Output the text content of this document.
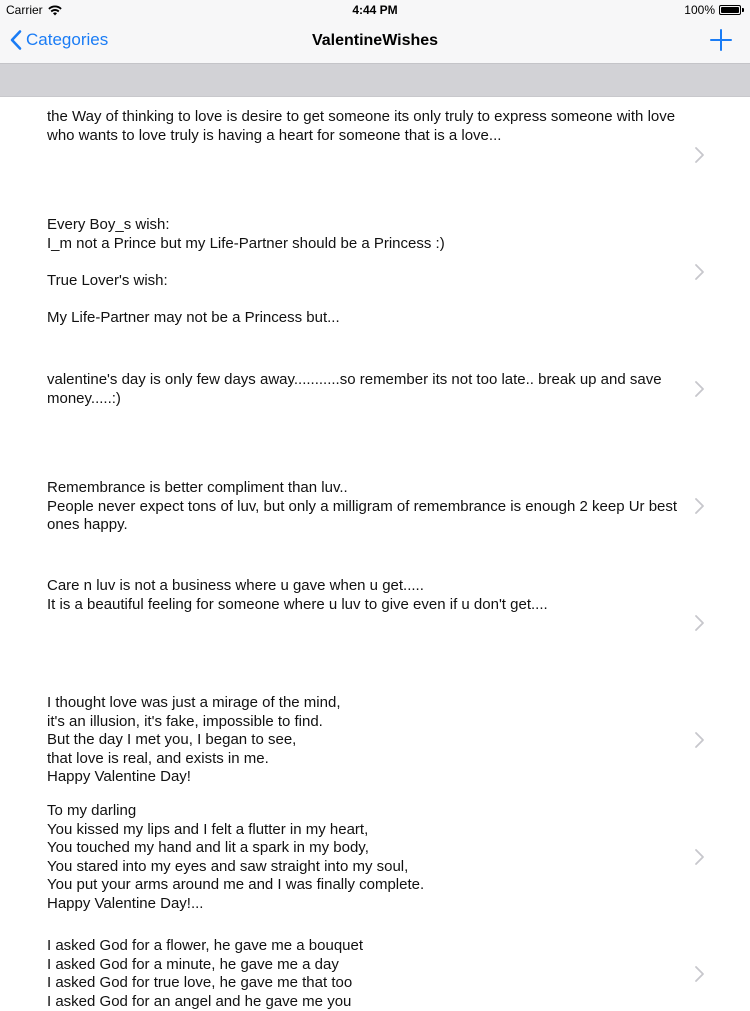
Carrier	4:44 PM	100%
Categories	ValentineWishes
the Way of thinking to love is desire to get someone its only truly to express someone with love who wants to love truly is having a heart for someone that is a love...
Every Boy_s wish:
I_m not a Prince but my Life-Partner should be a Princess :)

True Lover's wish:

My Life-Partner may not be a Princess but...
valentine's day is only few days away...........so remember its not too late.. break up and save money.....:)
Remembrance is better compliment than luv..
People never expect tons of luv, but only a milligram of remembrance is enough 2 keep Ur best ones happy.
Care n luv is not a business where u gave when u get.....
It is a beautiful feeling for someone where u luv to give even if u don't get....
I thought love was just a mirage of the mind,
it's an illusion, it's fake, impossible to find.
But the day I met you, I began to see,
that love is real, and exists in me.
Happy Valentine Day!
To my darling
You kissed my lips and I felt a flutter in my heart,
You touched my hand and lit a spark in my body,
You stared into my eyes and saw straight into my soul,
You put your arms around me and I was finally complete.
Happy Valentine Day!...
I asked God for a flower, he gave me a bouquet
I asked God for a minute, he gave me a day
I asked God for true love, he gave me that too
I asked God for an angel and he gave me you
